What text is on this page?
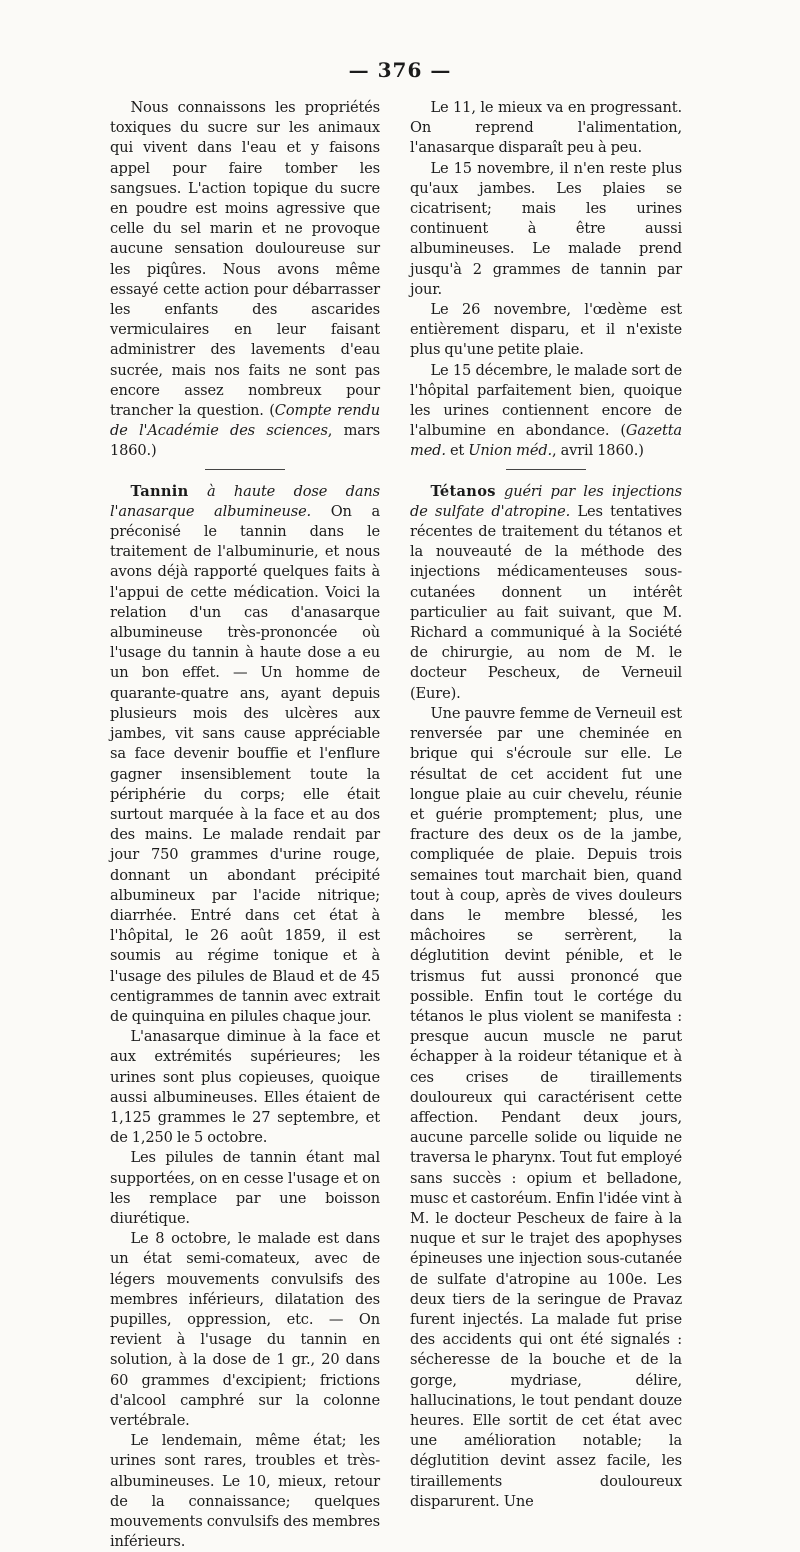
— 376 —

Nous connaissons les propriétés toxiques du sucre sur les animaux qui vivent dans l'eau et y faisons appel pour faire tomber les sangsues. L'action topique du sucre en poudre est moins agressive que celle du sel marin et ne provoque aucune sensation douloureuse sur les piqûres. Nous avons même essayé cette action pour débarrasser les enfants des ascarides vermiculaires en leur faisant administrer des lavements d'eau sucrée, mais nos faits ne sont pas encore assez nombreux pour trancher la question. (Compte rendu de l'Académie des sciences, mars 1860.)

Tannin à haute dose dans l'anasarque albumineuse. On a préconisé le tannin dans le traitement de l'albuminurie, et nous avons déjà rapporté quelques faits à l'appui de cette médication. Voici la relation d'un cas d'anasarque albumineuse très-prononcée où l'usage du tannin à haute dose a eu un bon effet. — Un homme de quarante-quatre ans, ayant depuis plusieurs mois des ulcères aux jambes, vit sans cause appréciable sa face devenir bouffie et l'enflure gagner insensiblement toute la périphérie du corps; elle était surtout marquée à la face et au dos des mains. Le malade rendait par jour 750 grammes d'urine rouge, donnant un abondant précipité albumineux par l'acide nitrique; diarrhée. Entré dans cet état à l'hôpital, le 26 août 1859, il est soumis au régime tonique et à l'usage des pilules de Blaud et de 45 centigrammes de tannin avec extrait de quinquina en pilules chaque jour.

L'anasarque diminue à la face et aux extrémités supérieures; les urines sont plus copieuses, quoique aussi albumineuses. Elles étaient de 1,125 grammes le 27 septembre, et de 1,250 le 5 octobre.

Les pilules de tannin étant mal supportées, on en cesse l'usage et on les remplace par une boisson diurétique.

Le 8 octobre, le malade est dans un état semi-comateux, avec de légers mouvements convulsifs des membres inférieurs, dilatation des pupilles, oppression, etc. — On revient à l'usage du tannin en solution, à la dose de 1 gr., 20 dans 60 grammes d'excipient; frictions d'alcool camphré sur la colonne vertébrale.

Le lendemain, même état; les urines sont rares, troubles et très-albumineuses. Le 10, mieux, retour de la connaissance; quelques mouvements convulsifs des membres inférieurs.

Le 11, le mieux va en progressant. On reprend l'alimentation, l'anasarque disparaît peu à peu.

Le 15 novembre, il n'en reste plus qu'aux jambes. Les plaies se cicatrisent; mais les urines continuent à être aussi albumineuses. Le malade prend jusqu'à 2 grammes de tannin par jour.

Le 26 novembre, l'œdème est entièrement disparu, et il n'existe plus qu'une petite plaie.

Le 15 décembre, le malade sort de l'hôpital parfaitement bien, quoique les urines contiennent encore de l'albumine en abondance. (Gazetta med. et Union méd., avril 1860.)

Tétanos guéri par les injections de sulfate d'atropine. Les tentatives récentes de traitement du tétanos et la nouveauté de la méthode des injections médicamenteuses sous-cutanées donnent un intérêt particulier au fait suivant, que M. Richard a communiqué à la Société de chirurgie, au nom de M. le docteur Pescheux, de Verneuil (Eure).

Une pauvre femme de Verneuil est renversée par une cheminée en brique qui s'écroule sur elle. Le résultat de cet accident fut une longue plaie au cuir chevelu, réunie et guérie promptement; plus, une fracture des deux os de la jambe, compliquée de plaie. Depuis trois semaines tout marchait bien, quand tout à coup, après de vives douleurs dans le membre blessé, les mâchoires se serrèrent, la déglutition devint pénible, et le trismus fut aussi prononcé que possible. Enfin tout le cortége du tétanos le plus violent se manifesta : presque aucun muscle ne parut échapper à la roideur tétanique et à ces crises de tiraillements douloureux qui caractérisent cette affection. Pendant deux jours, aucune parcelle solide ou liquide ne traversa le pharynx. Tout fut employé sans succès : opium et belladone, musc et castoréum. Enfin l'idée vint à M. le docteur Pescheux de faire à la nuque et sur le trajet des apophyses épineuses une injection sous-cutanée de sulfate d'atropine au 100e. Les deux tiers de la seringue de Pravaz furent injectés. La malade fut prise des accidents qui ont été signalés : sécheresse de la bouche et de la gorge, mydriase, délire, hallucinations, le tout pendant douze heures. Elle sortit de cet état avec une amélioration notable; la déglutition devint assez facile, les tiraillements douloureux disparurent. Une
